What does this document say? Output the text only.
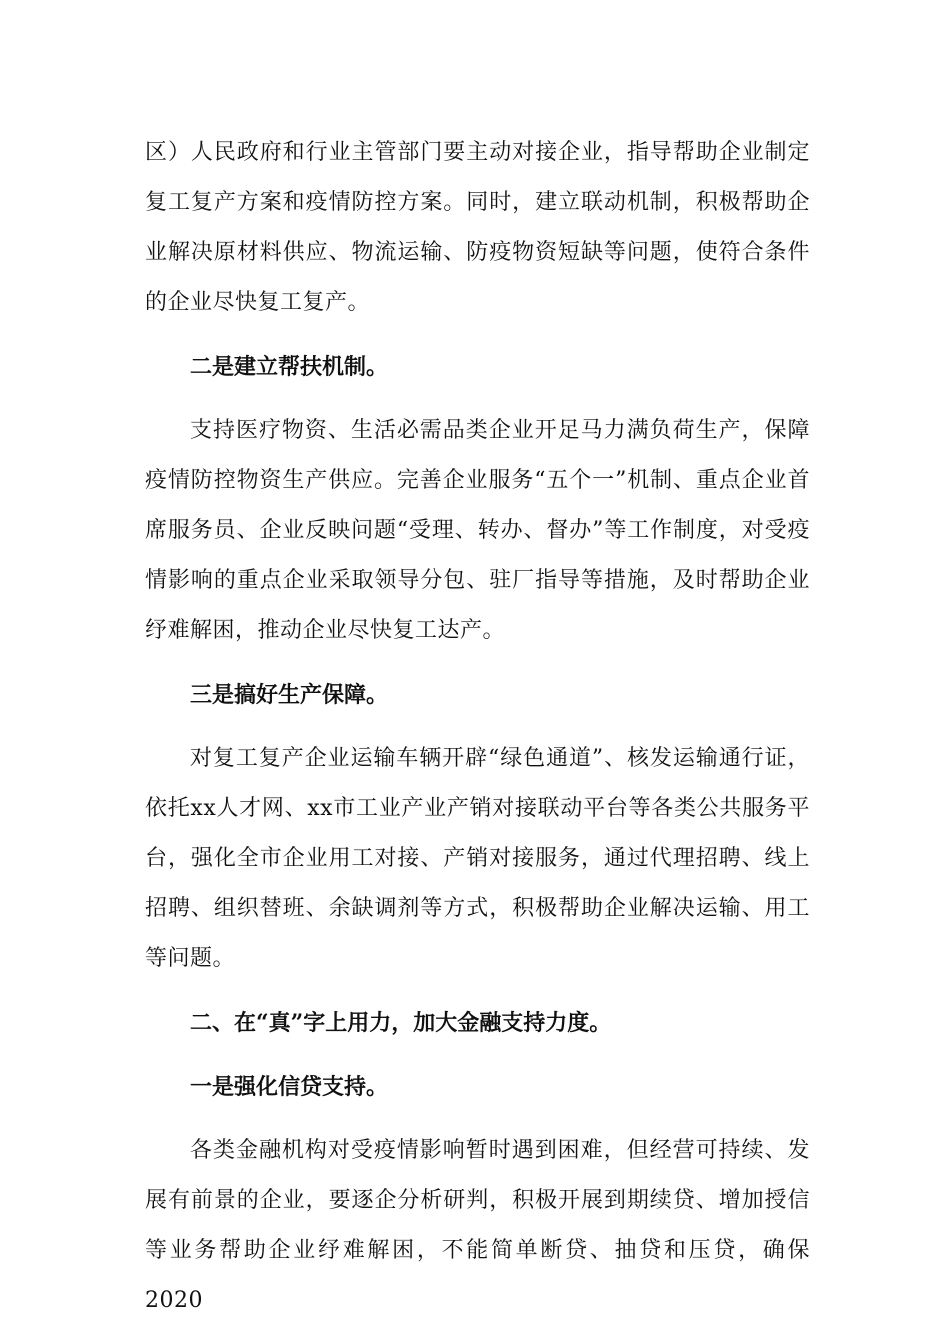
区）人民政府和行业主管部门要主动对接企业，指导帮助企业制定复工复产方案和疫情防控方案。同时，建立联动机制，积极帮助企业解决原材料供应、物流运输、防疫物资短缺等问题，使符合条件的企业尽快复工复产。

二是建立帮扶机制。

支持医疗物资、生活必需品类企业开足马力满负荷生产，保障疫情防控物资生产供应。完善企业服务“五个一”机制、重点企业首席服务员、企业反映问题“受理、转办、督办”等工作制度，对受疫情影响的重点企业采取领导分包、驻厂指导等措施，及时帮助企业纾难解困，推动企业尽快复工达产。

三是搞好生产保障。

对复工复产企业运输车辆开辟“绿色通道”、核发运输通行证，依托xx人才网、xx市工业产业产销对接联动平台等各类公共服务平台，强化全市企业用工对接、产销对接服务，通过代理招聘、线上招聘、组织替班、余缺调剂等方式，积极帮助企业解决运输、用工等问题。

二、在“真”字上用力，加大金融支持力度。

一是强化信贷支持。

各类金融机构对受疫情影响暂时遇到困难，但经营可持续、发展有前景的企业，要逐企分析研判，积极开展到期续贷、增加授信等业务帮助企业纾难解困，不能简单断贷、抽贷和压贷，确保2020
